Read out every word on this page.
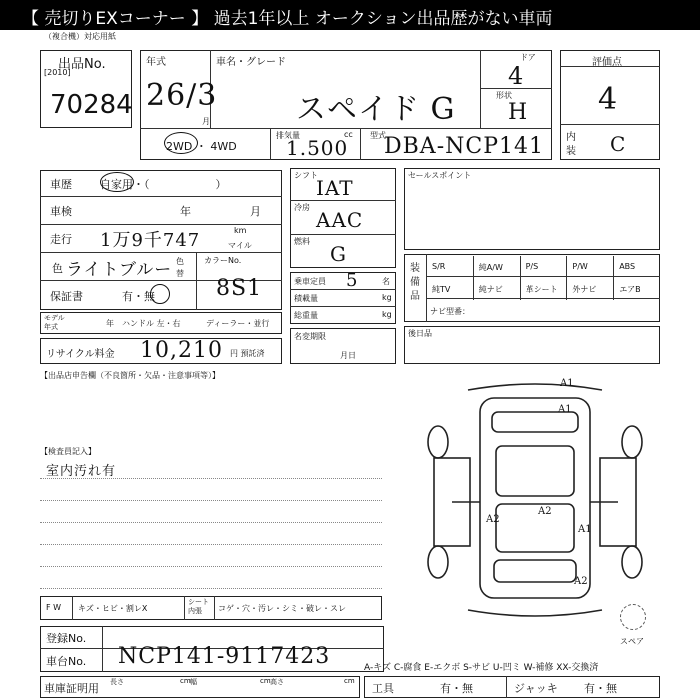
【 売切りEXコーナー 】 過去1年以上 オークション出品歴がない車両
（複合機）対応用紙
出品No.
[2010]
70284
年式
26/3
月
車名・グレード
スペイド G
ドア
4
形状
H
2WD ・ 4WD
排気量	cc
1.500
型式
DBA-NCP141
評価点
4
内
装 C
車歴	自家用・（　　　　　　）
車検	年	月
走行 1万9千747	km
マイル
色 ライトブルー 色
替
カラーNo.
8S1
保証書	有・無
モデル
年式	年 ハンドル 左・右	ディーラー・並行
リサイクル料金 10,210 円 預託済
シフト
IAT
冷房
AAC
燃料
G
乗車定員 5	名
積載量	kg
総重量	kg
名変期限
月日
セールスポイント
装備品
S/R	純A/W	P/S	P/W	ABS
純TV	純ナビ	革シート 外ナビ	エアB
ナビ型番：
後日品
【出品店申告欄（不良箇所・欠品・注意事項等）】
【検査員記入】
室内汚れ有
F W キズ・ヒビ・割レX
シート 内張	コゲ・穴・汚レ・シミ・破レ・スレ
登録No.
車台No. NCP141-9117423
車庫証明用 長さ	幅	高さ
cm	cm	cm
A-キズ C-腐食 E-エクボ S-サビ U-凹ミ W-補修 XX-交換済
工具	有・無	ジャッキ 有・無
スペア
A1
A2
A2
A1
A1
A2
